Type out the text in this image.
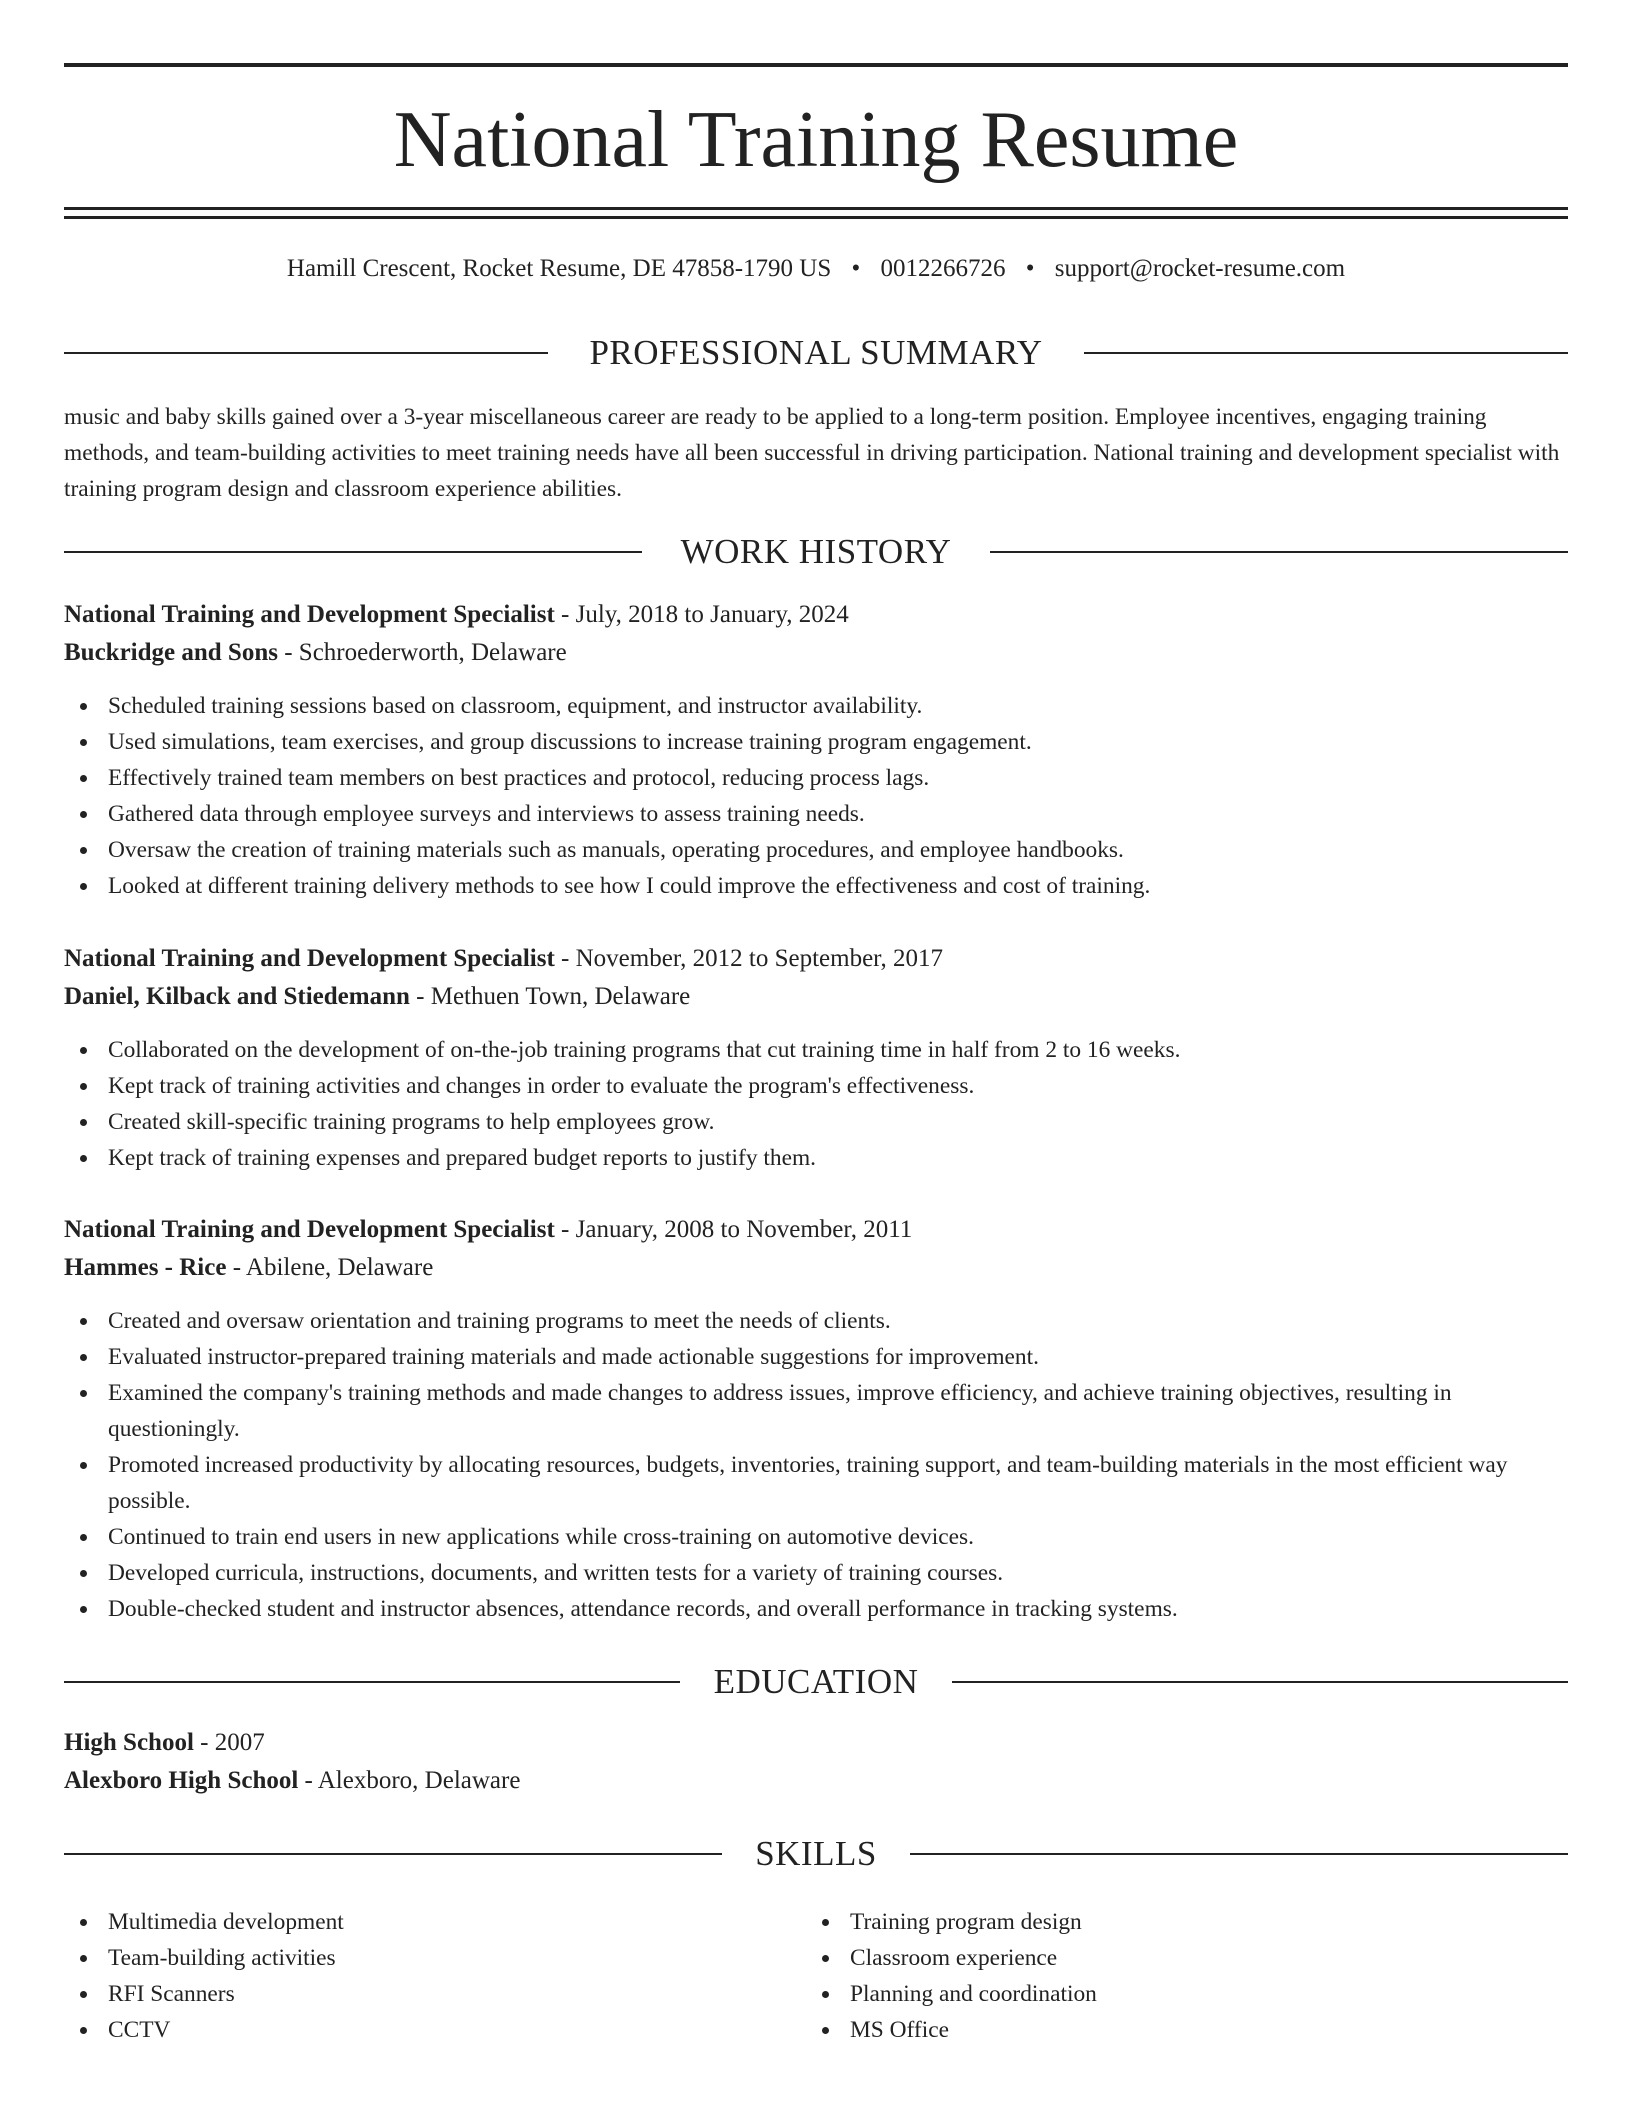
National Training Resume
Hamill Crescent, Rocket Resume, DE 47858-1790 US • 0012266726 • support@rocket-resume.com
PROFESSIONAL SUMMARY

music and baby skills gained over a 3-year miscellaneous career are ready to be applied to a long-term position. Employee incentives, engaging training methods, and team-building activities to meet training needs have all been successful in driving participation. National training and development specialist with training program design and classroom experience abilities.

WORK HISTORY
National Training and Development Specialist - July, 2018 to January, 2024
Buckridge and Sons - Schroederworth, Delaware
Scheduled training sessions based on classroom, equipment, and instructor availability.
Used simulations, team exercises, and group discussions to increase training program engagement.
Effectively trained team members on best practices and protocol, reducing process lags.
Gathered data through employee surveys and interviews to assess training needs.
Oversaw the creation of training materials such as manuals, operating procedures, and employee handbooks.
Looked at different training delivery methods to see how I could improve the effectiveness and cost of training.
National Training and Development Specialist - November, 2012 to September, 2017
Daniel, Kilback and Stiedemann - Methuen Town, Delaware
Collaborated on the development of on-the-job training programs that cut training time in half from 2 to 16 weeks.
Kept track of training activities and changes in order to evaluate the program's effectiveness.
Created skill-specific training programs to help employees grow.
Kept track of training expenses and prepared budget reports to justify them.
National Training and Development Specialist - January, 2008 to November, 2011
Hammes - Rice - Abilene, Delaware
Created and oversaw orientation and training programs to meet the needs of clients.
Evaluated instructor-prepared training materials and made actionable suggestions for improvement.
Examined the company's training methods and made changes to address issues, improve efficiency, and achieve training objectives, resulting in questioningly.
Promoted increased productivity by allocating resources, budgets, inventories, training support, and team-building materials in the most efficient way possible.
Continued to train end users in new applications while cross-training on automotive devices.
Developed curricula, instructions, documents, and written tests for a variety of training courses.
Double-checked student and instructor absences, attendance records, and overall performance in tracking systems.
EDUCATION
High School - 2007
Alexboro High School - Alexboro, Delaware
SKILLS
Multimedia development
Team-building activities
RFI Scanners
CCTV
Training program design
Classroom experience
Planning and coordination
MS Office
